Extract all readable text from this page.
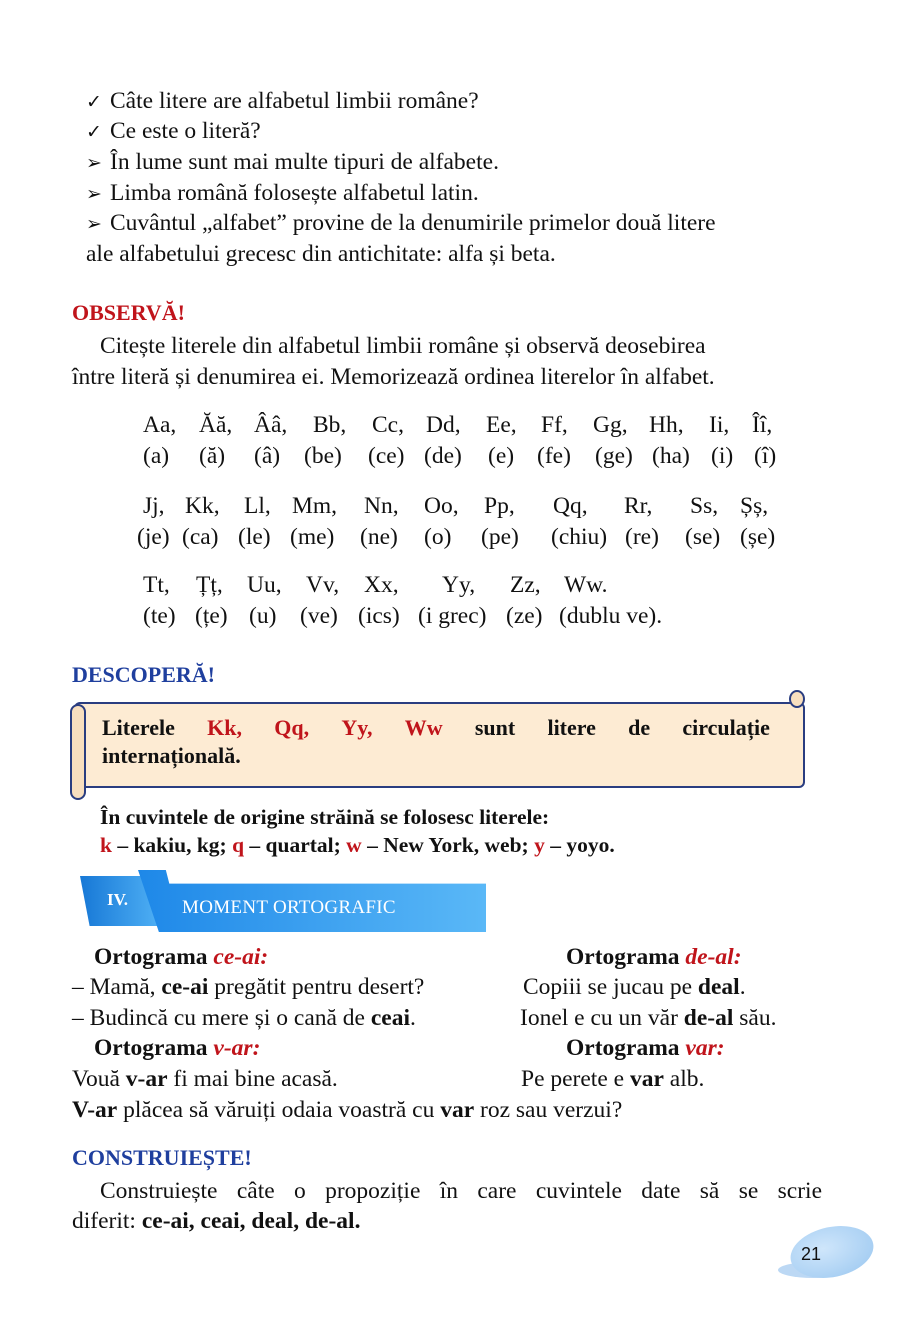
✓ Câte litere are alfabetul limbii române?
✓ Ce este o literă?
➢ În lume sunt mai multe tipuri de alfabete.
➢ Limba română folosește alfabetul latin.
➢ Cuvântul „alfabet” provine de la denumirile primelor două litere
ale alfabetului grecesc din antichitate: alfa și beta.
OBSERVĂ!
Citește literele din alfabetul limbii române și observă deosebirea
între literă și denumirea ei. Memorizează ordinea literelor în alfabet.
Aa, Ăă, Ââ, Bb, Cc, Dd, Ee, Ff, Gg, Hh, Ii, Îî,
(a) (ă) (â) (be) (ce) (de) (e) (fe) (ge) (ha) (i) (î)
Jj, Kk, Ll, Mm, Nn, Oo, Pp, Qq, Rr, Ss, Șș,
(je) (ca) (le) (me) (ne) (o) (pe) (chiu) (re) (se) (șe)
Tt, Țț, Uu, Vv, Xx, Yy, Zz, Ww.
(te) (țe) (u) (ve) (ics) (i grec) (ze) (dublu ve).
DESCOPERĂ!
Literele Kk, Qq, Yy, Ww sunt litere de circulație
internațională.
În cuvintele de origine străină se folosesc literele:
k – kakiu, kg; q – quartal; w – New York, web; y – yoyo.
IV.	MOMENT ORTOGRAFIC
Ortograma ce-ai:	Ortograma de-al:
– Mamă, ce-ai pregătit pentru desert?	Copiii se jucau pe deal.
– Budincă cu mere și o cană de ceai.	Ionel e cu un văr de-al său.
Ortograma v-ar:	Ortograma var:
Vouă v-ar fi mai bine acasă.	Pe perete e var alb.
V-ar plăcea să văruiți odaia voastră cu var roz sau verzui?
CONSTRUIEȘTE!
Construiește câte o propoziție în care cuvintele date să se scrie
diferit: ce-ai, ceai, deal, de-al.
21
